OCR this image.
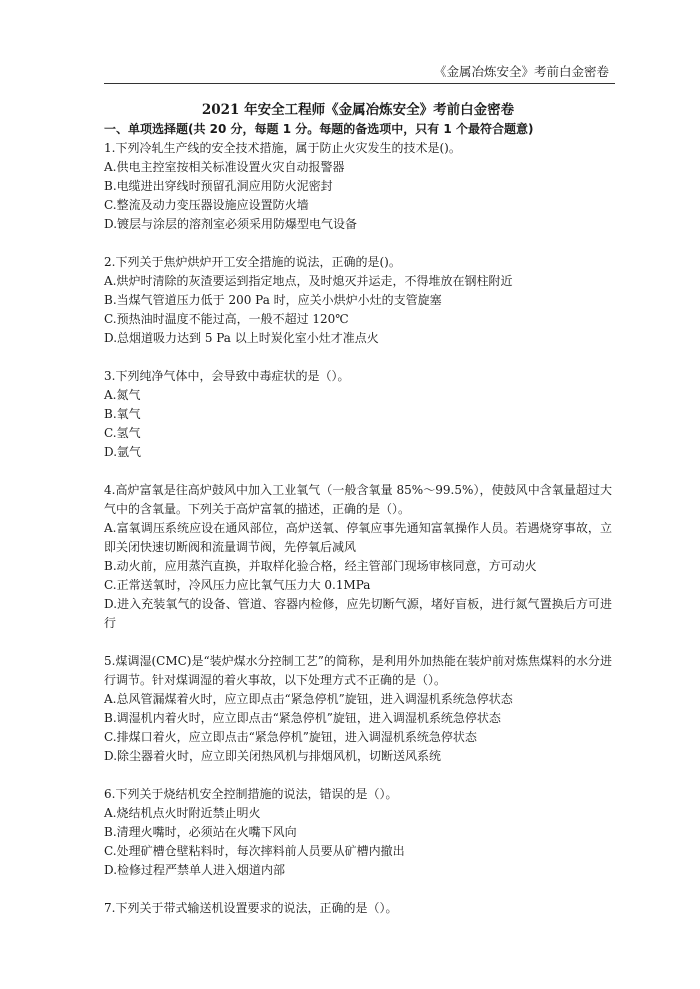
《金属冶炼安全》考前白金密卷

2021 年安全工程师《金属冶炼安全》考前白金密卷

一、单项选择题(共 20 分，每题 1 分。每题的备选项中，只有 1 个最符合题意)

1.下列冷轧生产线的安全技术措施，属于防止火灾发生的技术是()。

A.供电主控室按相关标准设置火灾自动报警器

B.电缆进出穿线时预留孔洞应用防火泥密封

C.整流及动力变压器设施应设置防火墙

D.镀层与涂层的溶剂室必须采用防爆型电气设备

2.下列关于焦炉烘炉开工安全措施的说法，正确的是()。

A.烘炉时清除的灰渣要运到指定地点，及时熄灭并运走，不得堆放在钢柱附近

B.当煤气管道压力低于 200 Pa 时，应关小烘炉小灶的支管旋塞

C.预热油时温度不能过高，一般不超过 120℃

D.总烟道吸力达到 5 Pa 以上时炭化室小灶才准点火

3.下列纯净气体中，会导致中毒症状的是（）。

A.氮气

B.氧气

C.氢气

D.氩气

4.高炉富氧是往高炉鼓风中加入工业氧气（一般含氧量 85%～99.5%），使鼓风中含氧量超过大气中的含氧量。下列关于高炉富氧的描述，正确的是（）。

A.富氧调压系统应设在通风部位，高炉送氧、停氧应事先通知富氧操作人员。若遇烧穿事故，立即关闭快速切断阀和流量调节阀，先停氧后减风

B.动火前，应用蒸汽直换，并取样化验合格，经主管部门现场审核同意，方可动火

C.正常送氧时，冷风压力应比氧气压力大 0.1MPa

D.进入充装氧气的设备、管道、容器内检修，应先切断气源，堵好盲板，进行氮气置换后方可进行

5.煤调湿(CMC)是“装炉煤水分控制工艺”的简称，是利用外加热能在装炉前对炼焦煤料的水分进行调节。针对煤调湿的着火事故，以下处理方式不正确的是（）。

A.总风管漏煤着火时，应立即点击“紧急停机”旋钮，进入调湿机系统急停状态

B.调湿机内着火时，应立即点击“紧急停机”旋钮，进入调湿机系统急停状态

C.排煤口着火，应立即点击“紧急停机”旋钮，进入调湿机系统急停状态

D.除尘器着火时，应立即关闭热风机与排烟风机，切断送风系统

6.下列关于烧结机安全控制措施的说法，错误的是（）。

A.烧结机点火时附近禁止明火

B.清理火嘴时，必须站在火嘴下风向

C.处理矿槽仓壁粘料时，每次摔料前人员要从矿槽内撤出

D.检修过程严禁单人进入烟道内部

7.下列关于带式输送机设置要求的说法，正确的是（）。
